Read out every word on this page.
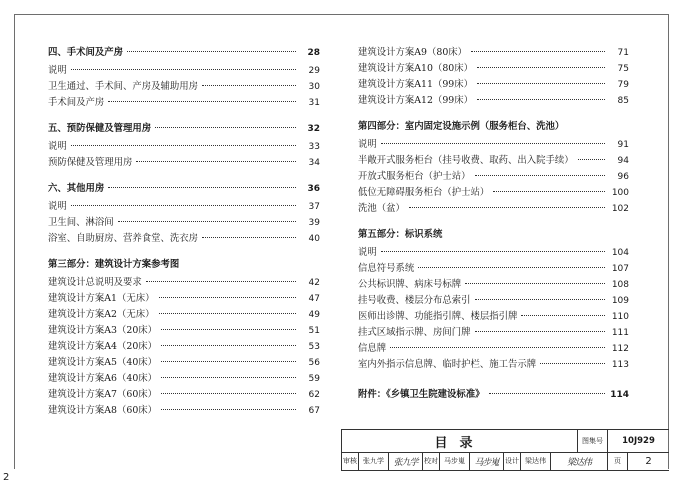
四、手术间及产房	28
说明	29
卫生通过、手术间、产房及辅助用房	30
手术间及产房	31
五、预防保健及管理用房	32
说明	33
预防保健及管理用房	34
六、其他用房	36
说明	37
卫生间、淋浴间	39
浴室、自助厨房、营养食堂、洗衣房	40
第三部分：建筑设计方案参考图
建筑设计总说明及要求	42
建筑设计方案A1（无床）	47
建筑设计方案A2（无床）	49
建筑设计方案A3（20床）	51
建筑设计方案A4（20床）	53
建筑设计方案A5（40床）	56
建筑设计方案A6（40床）	59
建筑设计方案A7（60床）	62
建筑设计方案A8（60床）	67
建筑设计方案A9（80床）	71
建筑设计方案A10（80床）	75
建筑设计方案A11（99床）	79
建筑设计方案A12（99床）	85
第四部分：室内固定设施示例（服务柜台、洗池）
说明	91
半敞开式服务柜台（挂号收费、取药、出入院手续）	94
开放式服务柜台（护士站）	96
低位无障碍服务柜台（护士站）	100
洗池（盆）	102
第五部分：标识系统
说明	104
信息符号系统	107
公共标识牌、病床号标牌	108
挂号收费、楼层分布总索引	109
医师出诊牌、功能指引牌、楼层指引牌	110
挂式区域指示牌、房间门牌	111
信息牌	112
室内外指示信息牌、临时护栏、施工告示牌	113
附件：《乡镇卫生院建设标准》	114
目录	图集号	10J929
审核 张九学	张九学 校对 马步嵬	马步嵬 设计 梁达伟	梁达伟	页	2
2
